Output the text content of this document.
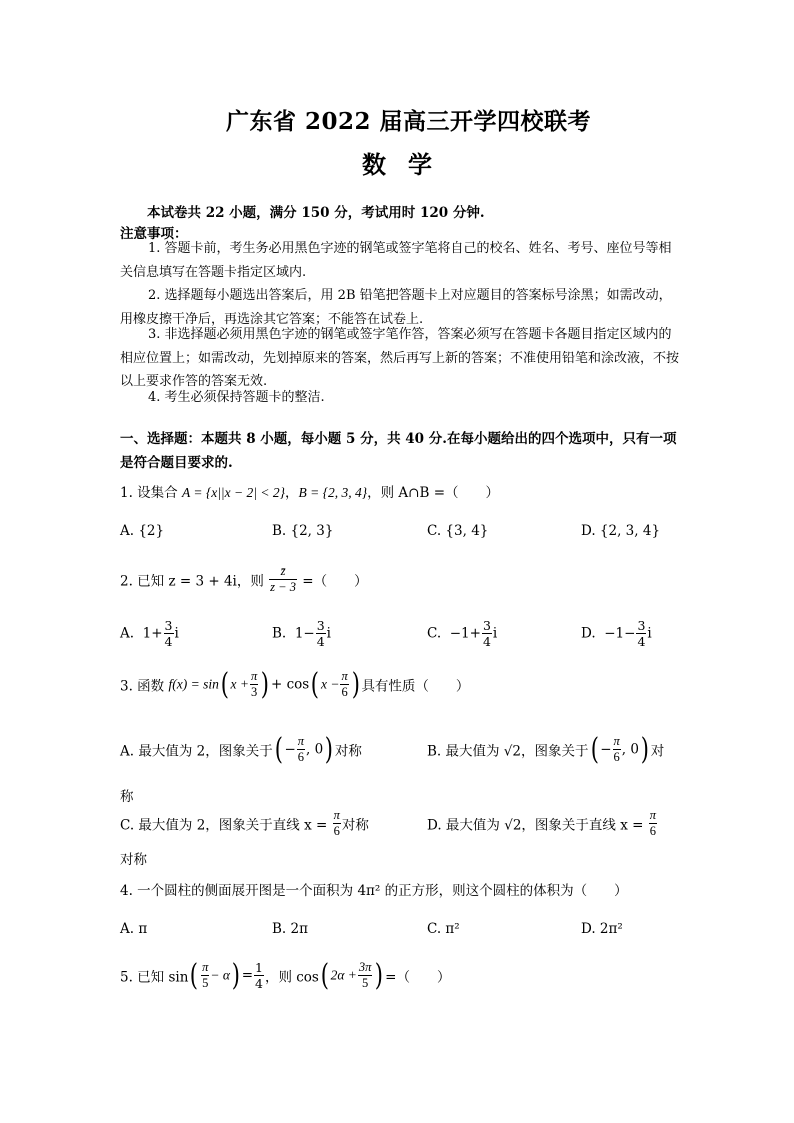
广东省 2022 届高三开学四校联考
数学
本试卷共 22 小题，满分 150 分，考试用时 120 分钟.
注意事项：
1. 答题卡前，考生务必用黑色字迹的钢笔或签字笔将自己的校名、姓名、考号、座位号等相关信息填写在答题卡指定区域内.
2. 选择题每小题选出答案后，用 2B 铅笔把答题卡上对应题目的答案标号涂黑；如需改动，用橡皮擦干净后，再选涂其它答案；不能答在试卷上.
3. 非选择题必须用黑色字迹的钢笔或签字笔作答，答案必须写在答题卡各题目指定区域内的相应位置上；如需改动，先划掉原来的答案，然后再写上新的答案；不准使用铅笔和涂改液，不按以上要求作答的答案无效.
4. 考生必须保持答题卡的整洁.
一、选择题：本题共 8 小题，每小题 5 分，共 40 分.在每小题给出的四个选项中，只有一项是符合题目要求的.
1. 设集合 A = {x||x − 2| < 2}，B = {2, 3, 4}，则 A∩B =（　　）
A. {2}	B. {2, 3}	C. {3, 4}	D. {2, 3, 4}
2. 已知 z = 3 + 4i，则 $\frac{z̄}{z - 3}$ =（　　）
A. $1+ \frac{3}{4}$ i	B. $1- \frac{3}{4}$ i	C. $-1+ \frac{3}{4}$ i	D. $-1- \frac{3}{4}$ i
3. 函数 f(x) = sin( $x + \frac{\pi}{3}$ ) + cos( $x - \frac{\pi}{6}$ ) 具有性质（　　）
A. 最大值为 2，图象关于( − $\frac{\pi}{6}$ , 0) 对称	B. 最大值为 √2，图象关于( − $\frac{\pi}{6}$ , 0) 对
称
C. 最大值为 2，图象关于直线 $x = \frac{\pi}{6}$ 对称	D. 最大值为 √2，图象关于直线 $x = \frac{\pi}{6}$
对称
4. 一个圆柱的侧面展开图是一个面积为 4π² 的正方形，则这个圆柱的体积为（　　）
A. π	B. 2π	C. π²	D. 2π²
5. 已知 $\sin( \frac{\pi}{5} - \alpha) = \frac{1}{4}$ ，则 cos( $2\alpha + \frac{3\pi}{5}$ ) =（　　）
